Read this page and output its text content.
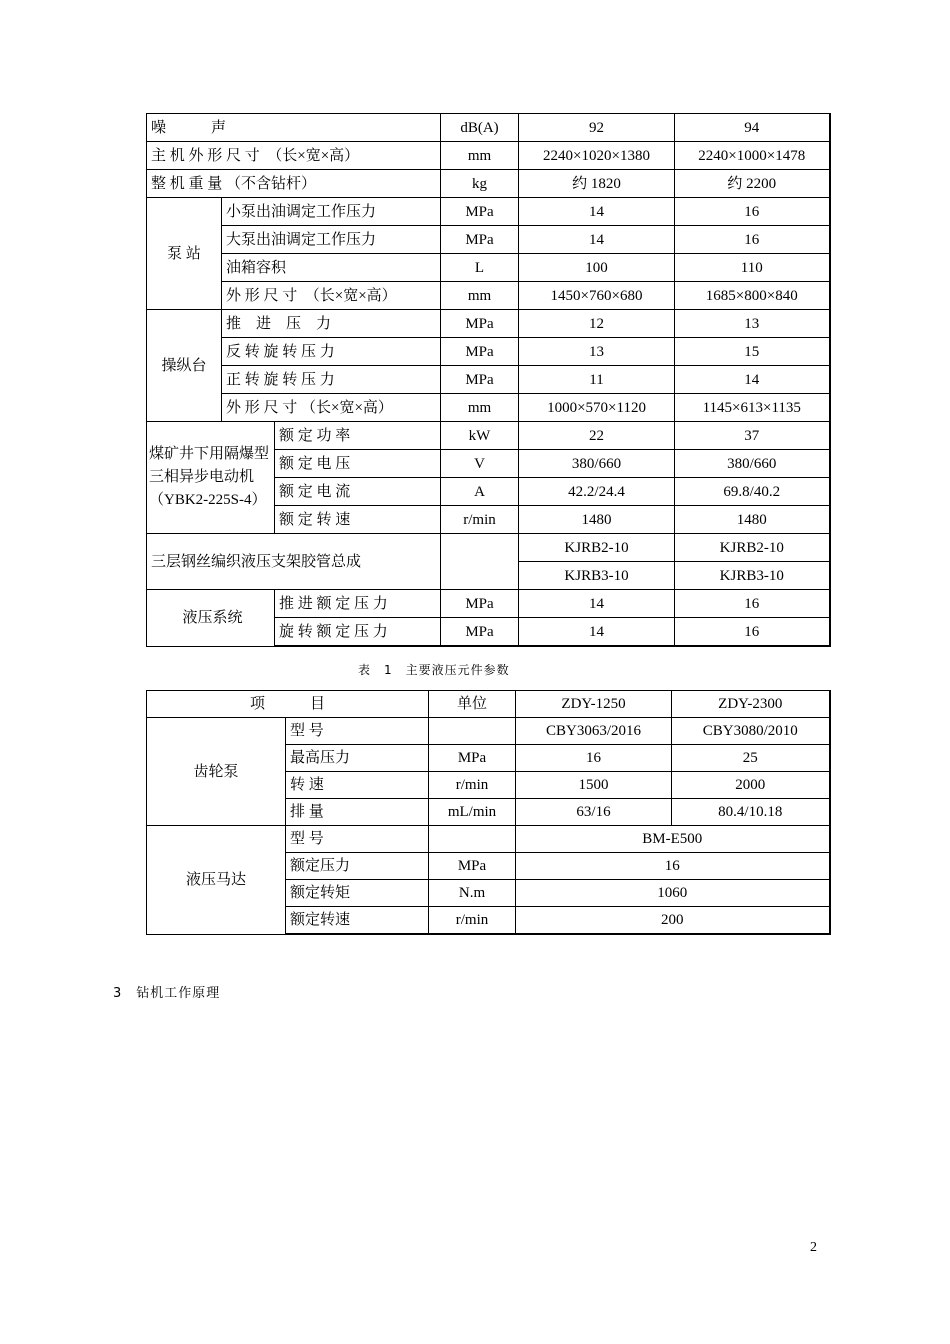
噪　　　声			dB(A)	92	94
主 机 外 形 尺 寸　（长×宽×高）			mm	2240×1020×1380	2240×1000×1478
整 机 重 量 （不含钻杆）			kg	约 1820	约 2200
泵 站	小泵出油调定工作压力		MPa	14	16
	大泵出油调定工作压力		MPa	14	16
	油箱容积		L	100	110
	外 形 尺 寸　（长×宽×高）		mm	1450×760×680	1685×800×840
操纵台	推　进　压　力		MPa	12	13
	反 转 旋 转 压 力		MPa	13	15
	正 转 旋 转 压 力		MPa	11	14
	外 形 尺 寸 （长×宽×高）		mm	1000×570×1120	1145×613×1135
煤矿井下用隔爆型三相异步电动机（YBK2-225S-4）		额 定 功 率	kW	22	37
		额 定 电 压	V	380/660	380/660
		额 定 电 流	A	42.2/24.4	69.8/40.2
		额 定 转 速	r/min	1480	1480
三层钢丝编织液压支架胶管总成				KJRB2-10	KJRB2-10
				KJRB3-10	KJRB3-10
液压系统		推 进 额 定 压 力	MPa	14	16
		旋 转 额 定 压 力	MPa	14	16
表　1　主要液压元件参数
项　　　目		单位	ZDY-1250	ZDY-2300
齿轮泵	型 号		CBY3063/2016	CBY3080/2010
	最高压力	MPa	16	25
	转 速	r/min	1500	2000
	排 量	mL/min	63/16	80.4/10.18
液压马达	型 号		BM-E500	
	额定压力	MPa	16	
	额定转矩	N.m	1060	
	额定转速	r/min	200	
3　钻机工作原理
2
